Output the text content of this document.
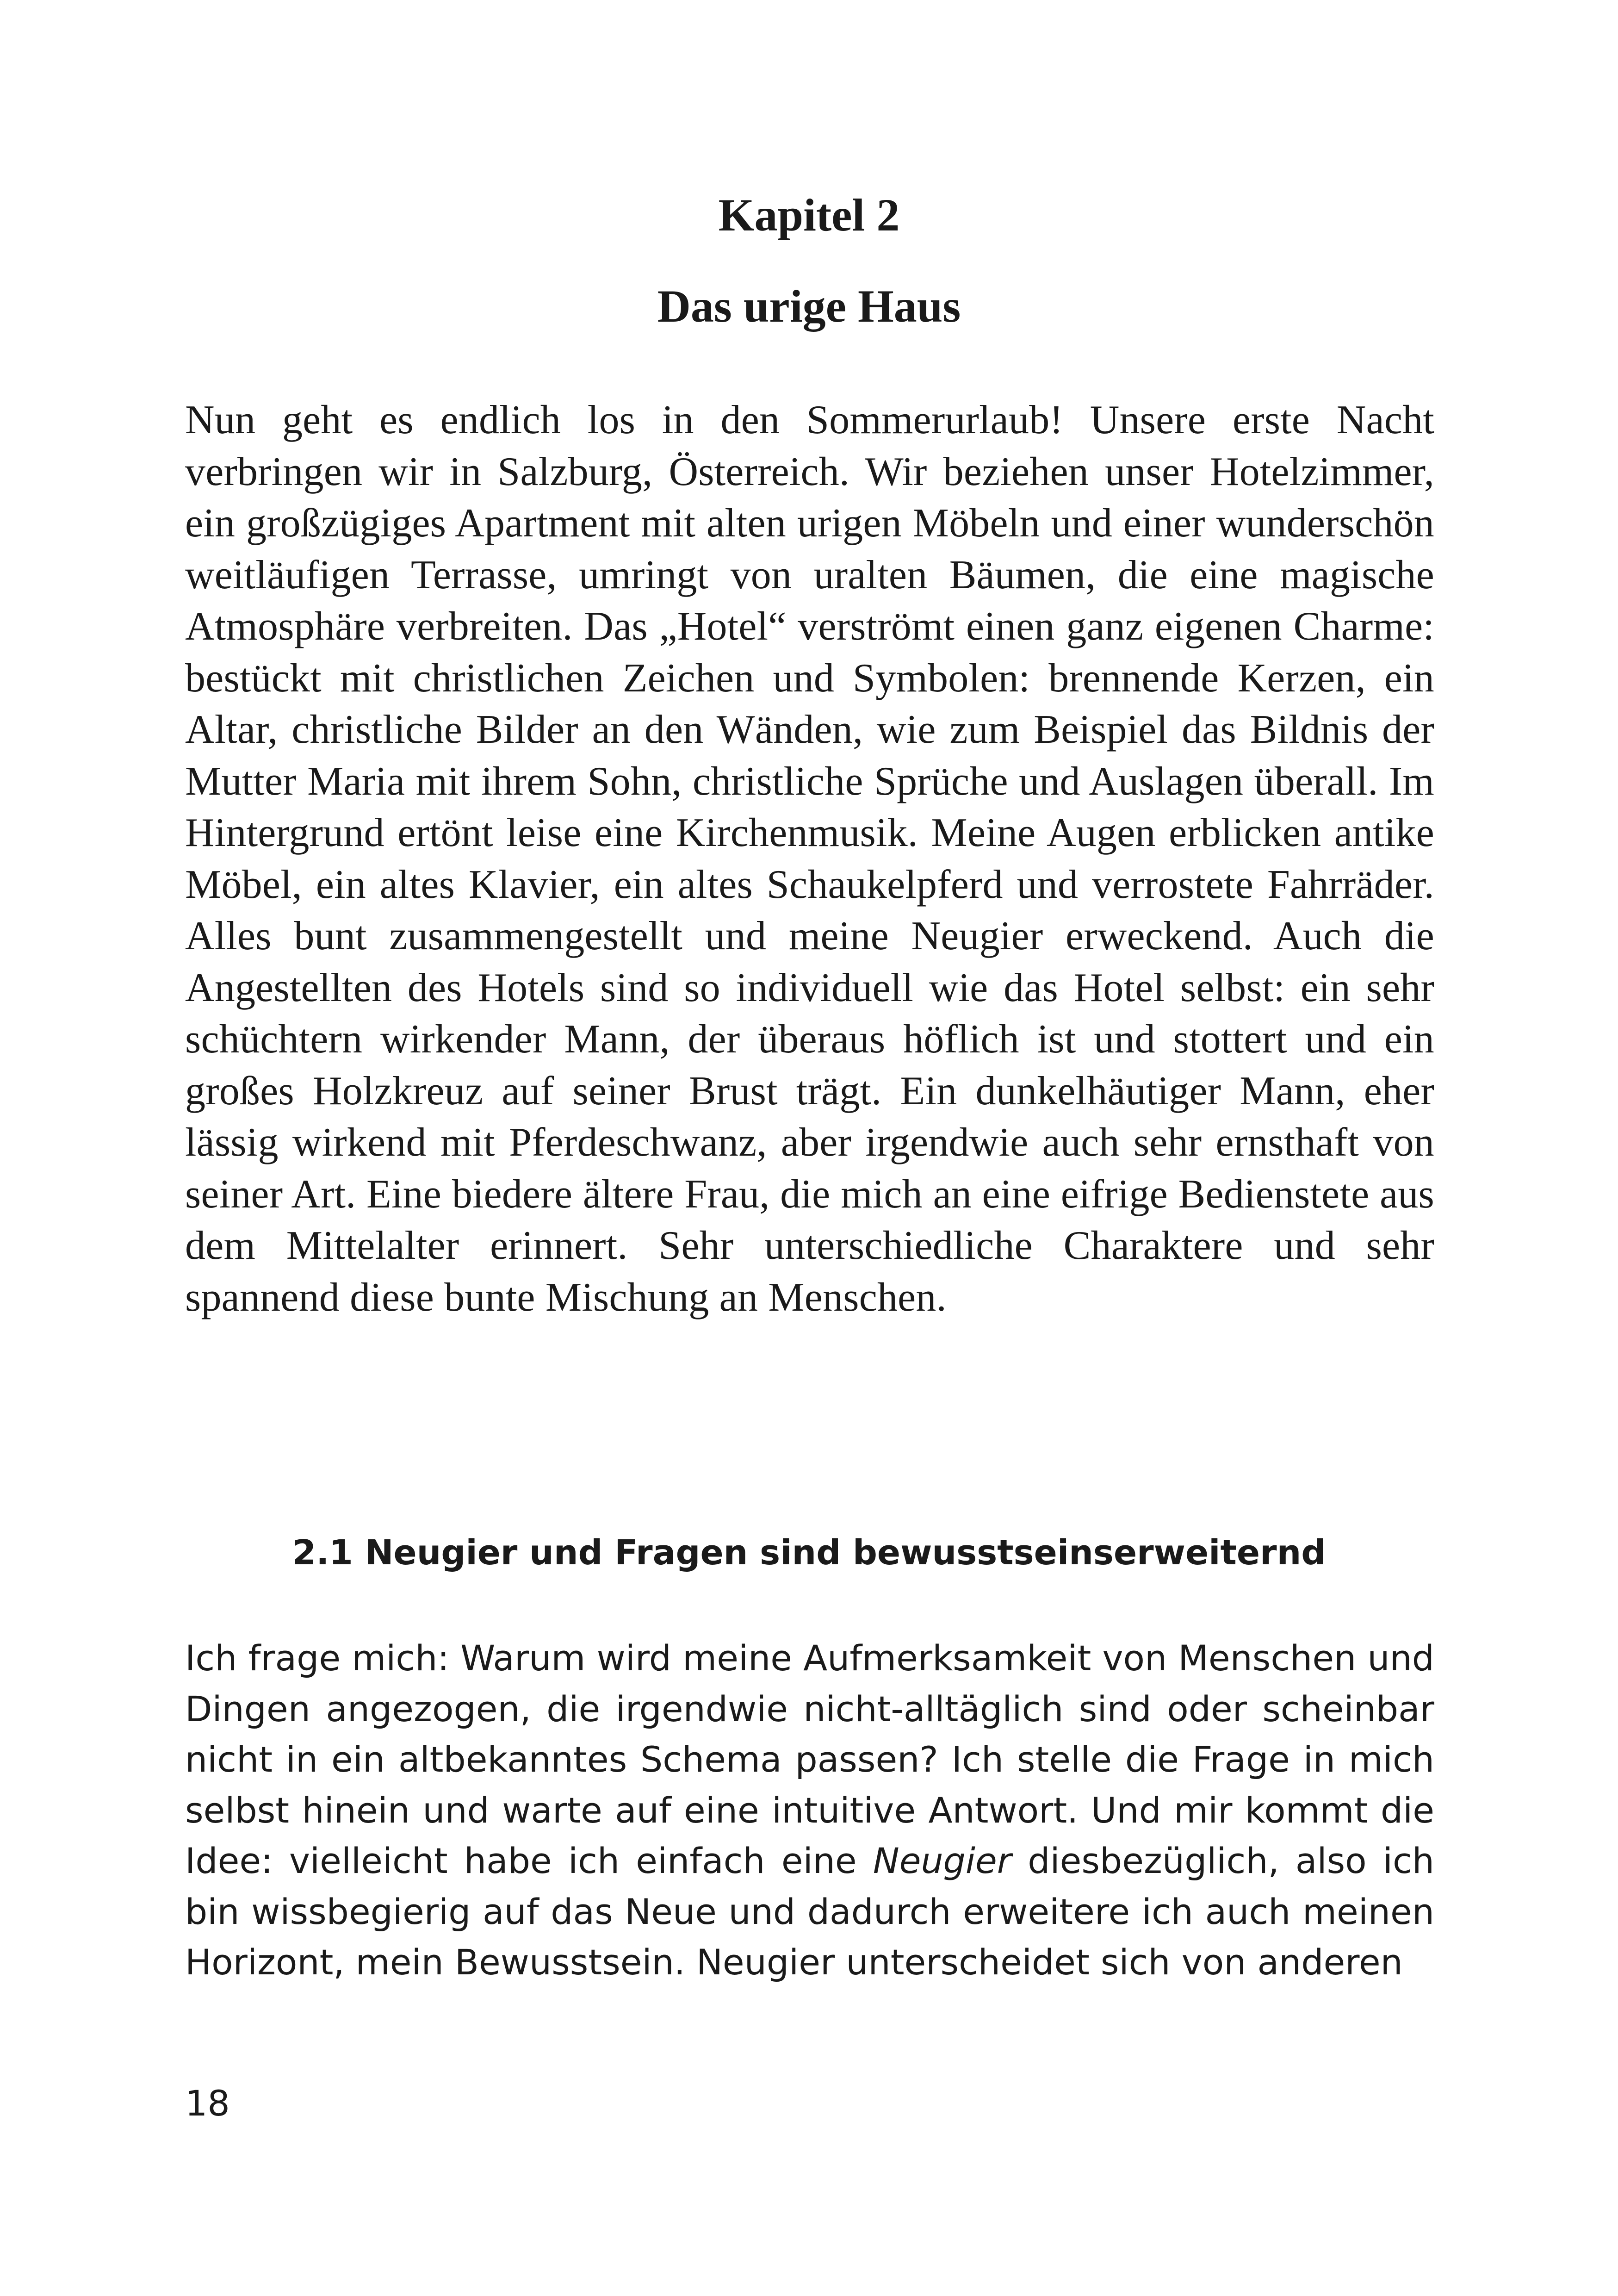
Kapitel 2
Das urige Haus

Nun geht es endlich los in den Sommerurlaub! Unsere erste Nacht verbringen wir in Salzburg, Österreich. Wir beziehen unser Hotelzimmer, ein großzügiges Apartment mit alten urigen Möbeln und einer wunderschön weitläufigen Terrasse, umringt von uralten Bäumen, die eine magische Atmosphäre verbreiten. Das „Hotel“ verströmt einen ganz eigenen Charme: bestückt mit christlichen Zeichen und Symbolen: brennende Kerzen, ein Altar, christliche Bilder an den Wänden, wie zum Beispiel das Bildnis der Mutter Maria mit ihrem Sohn, christliche Sprüche und Auslagen überall. Im Hintergrund ertönt leise eine Kirchenmusik. Meine Augen erblicken antike Möbel, ein altes Klavier, ein altes Schaukelpferd und verrostete Fahrräder. Alles bunt zusammengestellt und meine Neugier erweckend. Auch die Angestellten des Hotels sind so individuell wie das Hotel selbst: ein sehr schüchtern wirkender Mann, der überaus höflich ist und stottert und ein großes Holzkreuz auf seiner Brust trägt. Ein dunkelhäutiger Mann, eher lässig wirkend mit Pferdeschwanz, aber irgendwie auch sehr ernsthaft von seiner Art. Eine biedere ältere Frau, die mich an eine eifrige Bedienstete aus dem Mittelalter erinnert. Sehr unterschiedliche Charaktere und sehr spannend diese bunte Mischung an Menschen.

2.1 Neugier und Fragen sind bewusstseinserweiternd

Ich frage mich: Warum wird meine Aufmerksamkeit von Menschen und Dingen angezogen, die irgendwie nicht-alltäglich sind oder scheinbar nicht in ein altbekanntes Schema passen? Ich stelle die Frage in mich selbst hinein und warte auf eine intuitive Antwort. Und mir kommt die Idee: vielleicht habe ich einfach eine Neugier diesbezüglich, also ich bin wissbegierig auf das Neue und dadurch erweitere ich auch meinen Horizont, mein Bewusstsein. Neugier unterscheidet sich von anderen

18
